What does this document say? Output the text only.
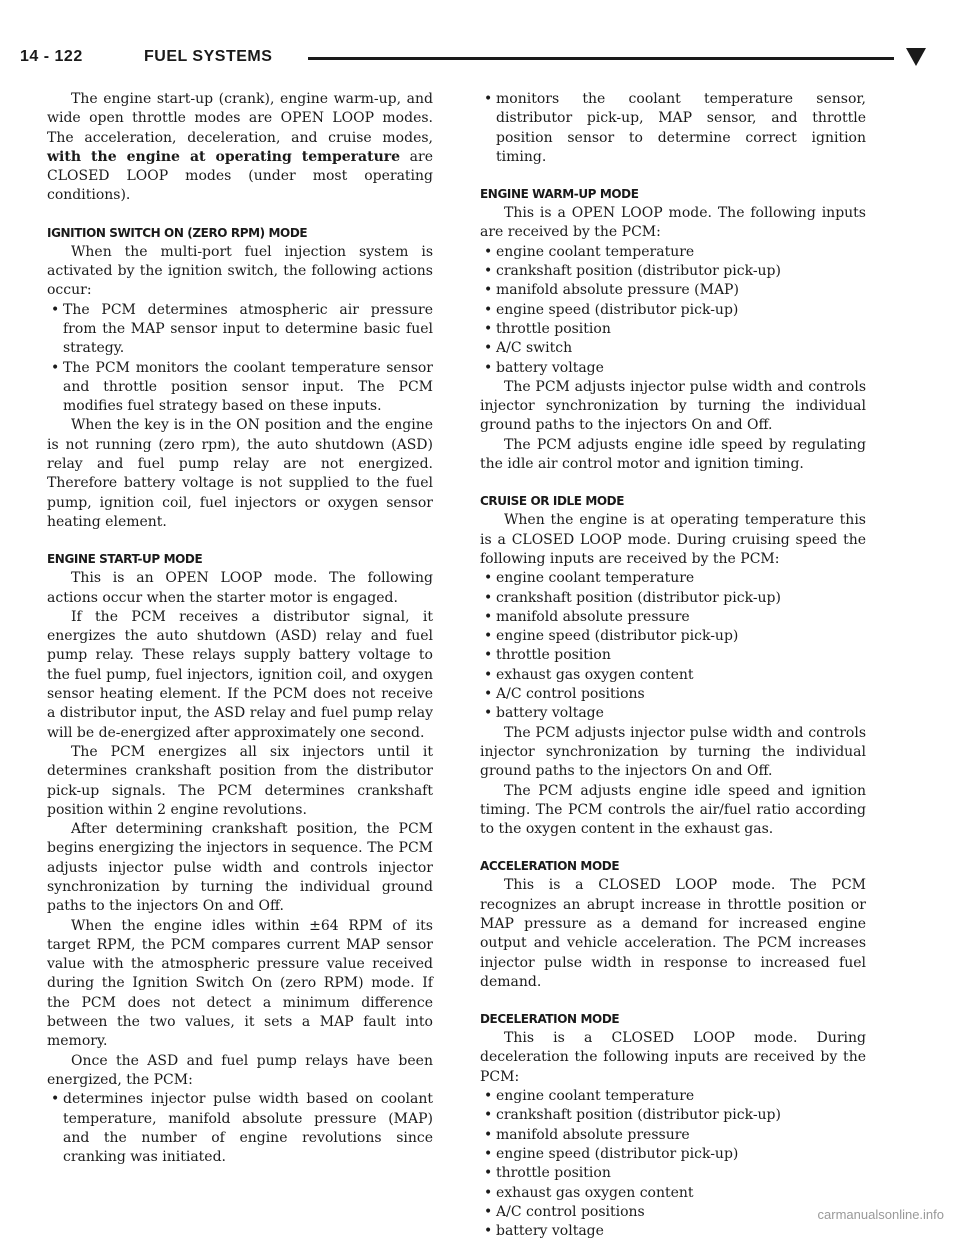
14 - 122	FUEL SYSTEMS

The engine start-up (crank), engine warm-up, and wide open throttle modes are OPEN LOOP modes. The acceleration, deceleration, and cruise modes, with the engine at operating temperature are CLOSED LOOP modes (under most operating conditions).

IGNITION SWITCH ON (ZERO RPM) MODE

When the multi-port fuel injection system is activated by the ignition switch, the following actions occur:

• The PCM determines atmospheric air pressure from the MAP sensor input to determine basic fuel strategy.

• The PCM monitors the coolant temperature sensor and throttle position sensor input. The PCM modifies fuel strategy based on these inputs.

When the key is in the ON position and the engine is not running (zero rpm), the auto shutdown (ASD) relay and fuel pump relay are not energized. Therefore battery voltage is not supplied to the fuel pump, ignition coil, fuel injectors or oxygen sensor heating element.

ENGINE START-UP MODE

This is an OPEN LOOP mode. The following actions occur when the starter motor is engaged.

If the PCM receives a distributor signal, it energizes the auto shutdown (ASD) relay and fuel pump relay. These relays supply battery voltage to the fuel pump, fuel injectors, ignition coil, and oxygen sensor heating element. If the PCM does not receive a distributor input, the ASD relay and fuel pump relay will be de-energized after approximately one second.

The PCM energizes all six injectors until it determines crankshaft position from the distributor pick-up signals. The PCM determines crankshaft position within 2 engine revolutions.

After determining crankshaft position, the PCM begins energizing the injectors in sequence. The PCM adjusts injector pulse width and controls injector synchronization by turning the individual ground paths to the injectors On and Off.

When the engine idles within ±64 RPM of its target RPM, the PCM compares current MAP sensor value with the atmospheric pressure value received during the Ignition Switch On (zero RPM) mode. If the PCM does not detect a minimum difference between the two values, it sets a MAP fault into memory.

Once the ASD and fuel pump relays have been energized, the PCM:

• determines injector pulse width based on coolant temperature, manifold absolute pressure (MAP) and the number of engine revolutions since cranking was initiated.

• monitors the coolant temperature sensor, distributor pick-up, MAP sensor, and throttle position sensor to determine correct ignition timing.

ENGINE WARM-UP MODE

This is a OPEN LOOP mode. The following inputs are received by the PCM:

• engine coolant temperature

• crankshaft position (distributor pick-up)

• manifold absolute pressure (MAP)

• engine speed (distributor pick-up)

• throttle position

• A/C switch

• battery voltage

The PCM adjusts injector pulse width and controls injector synchronization by turning the individual ground paths to the injectors On and Off.

The PCM adjusts engine idle speed by regulating the idle air control motor and ignition timing.

CRUISE OR IDLE MODE

When the engine is at operating temperature this is a CLOSED LOOP mode. During cruising speed the following inputs are received by the PCM:

• engine coolant temperature

• crankshaft position (distributor pick-up)

• manifold absolute pressure

• engine speed (distributor pick-up)

• throttle position

• exhaust gas oxygen content

• A/C control positions

• battery voltage

The PCM adjusts injector pulse width and controls injector synchronization by turning the individual ground paths to the injectors On and Off.

The PCM adjusts engine idle speed and ignition timing. The PCM controls the air/fuel ratio according to the oxygen content in the exhaust gas.

ACCELERATION MODE

This is a CLOSED LOOP mode. The PCM recognizes an abrupt increase in throttle position or MAP pressure as a demand for increased engine output and vehicle acceleration. The PCM increases injector pulse width in response to increased fuel demand.

DECELERATION MODE

This is a CLOSED LOOP mode. During deceleration the following inputs are received by the PCM:

• engine coolant temperature

• crankshaft position (distributor pick-up)

• manifold absolute pressure

• engine speed (distributor pick-up)

• throttle position

• exhaust gas oxygen content

• A/C control positions

• battery voltage

carmanualsonline.info
